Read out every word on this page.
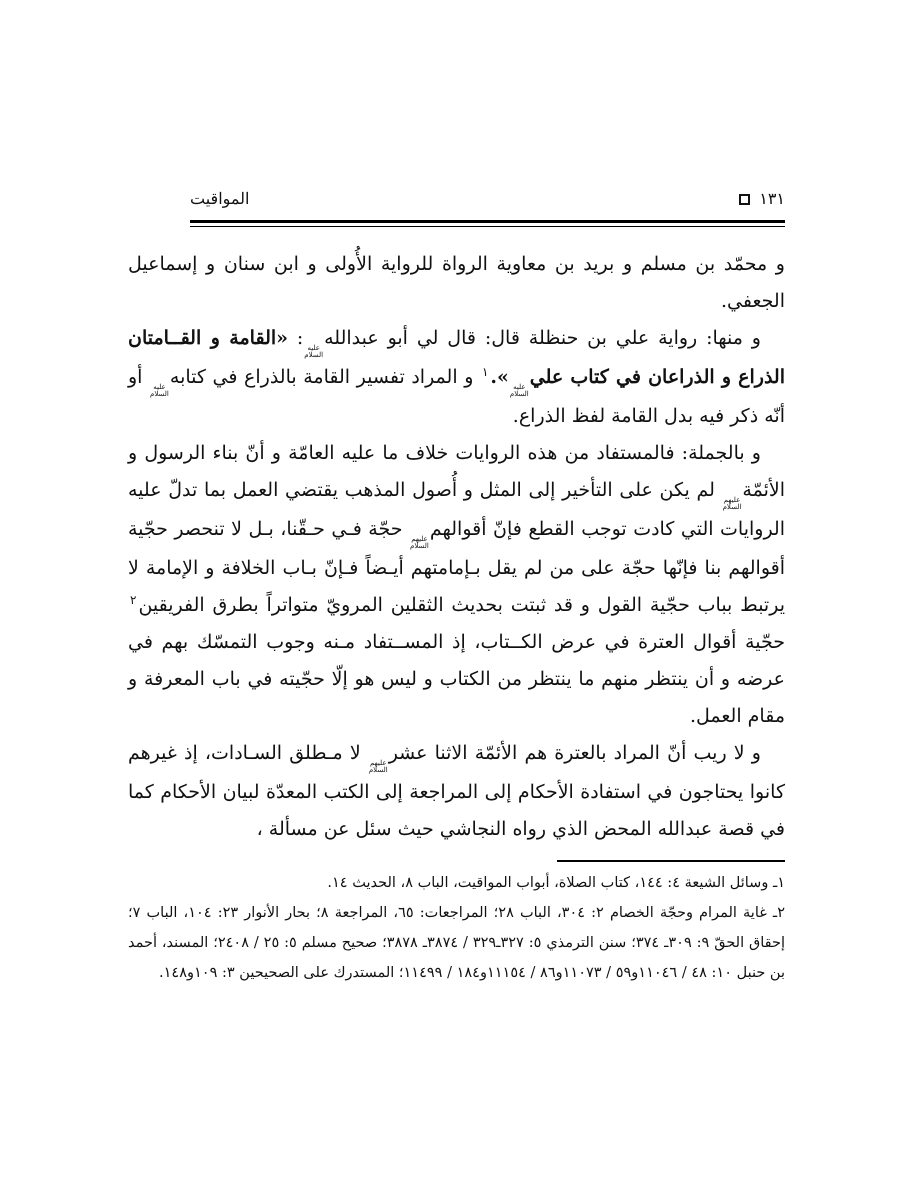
١٣١
المواقيت

و محمّد بن مسلم و بريد بن معاوية الرواة للرواية الأُولى و ابن سنان و إسماعيل الجعفي.

و منها: رواية علي بن حنظلة قال: قال لي أبو عبدالله
عليه
السلام
: «القامة و القــامتان الذراع و الذراعان في كتاب علي
عليه
السلام
».$^١$ و المراد تفسير القامة بالذراع في كتابه
عليه
السلام
أو أنّه ذكر فيه بدل القامة لفظ الذراع.

و بالجملة: فالمستفاد من هذه الروايات خلاف ما عليه العامّة و أنّ بناء الرسول و الأئمّة
عليهم
السلام
لم يكن على التأخير إلى المثل و أُصول المذهب يقتضي العمل بما تدلّ عليه الروايات التي كادت توجب القطع فإنّ أقوالهم
عليهم
السلام
حجّة فـي حـقّنا، بـل لا تنحصر حجّية أقوالهم بنا فإنّها حجّة على من لم يقل بـإمامتهم أيـضاً فـإنّ بـاب الخلافة و الإمامة لا يرتبط بباب حجّية القول و قد ثبتت بحديث الثقلين المرويّ متواتراً بطرق الفريقين$^٢$ حجّية أقوال العترة في عرض الكــتاب، إذ المســتفاد مـنه وجوب التمسّك بهم في عرضه و أن ينتظر منهم ما ينتظر من الكتاب و ليس هو إلّا حجّيته في باب المعرفة و مقام العمل.

و لا ريب أنّ المراد بالعترة هم الأئمّة الاثنا عشر
عليهم
السلام
لا مـطلق السـادات، إذ غيرهم كانوا يحتاجون في استفادة الأحكام إلى المراجعة إلى الكتب المعدّة لبيان الأحكام كما في قصة عبدالله المحض الذي رواه النجاشي حيث سئل عن مسألة ،

١ـ وسائل الشيعة ٤: ١٤٤، كتاب الصلاة، أبواب المواقيت، الباب ٨، الحديث ١٤.

٢ـ غاية المرام وحجّة الخصام ٢: ٣٠٤، الباب ٢٨؛ المراجعات: ٦٥، المراجعة ٨؛ بحار الأنوار ٢٣: ١٠٤، الباب ٧؛ إحقاق الحقّ ٩: ٣٠٩ـ ٣٧٤؛ سنن الترمذي ٥: ٣٢٧ـ٣٢٩ / ٣٨٧٤ـ ٣٨٧٨؛ صحيح مسلم ٥: ٢٥ / ٢٤٠٨؛ المسند، أحمد بن حنبل ١٠: ٤٨ / ١١٠٤٦و٥٩ / ١١٠٧٣و٨٦ / ١١١٥٤و١٨٤ / ١١٤٩٩؛ المستدرك على الصحيحين ٣: ١٠٩و١٤٨.
